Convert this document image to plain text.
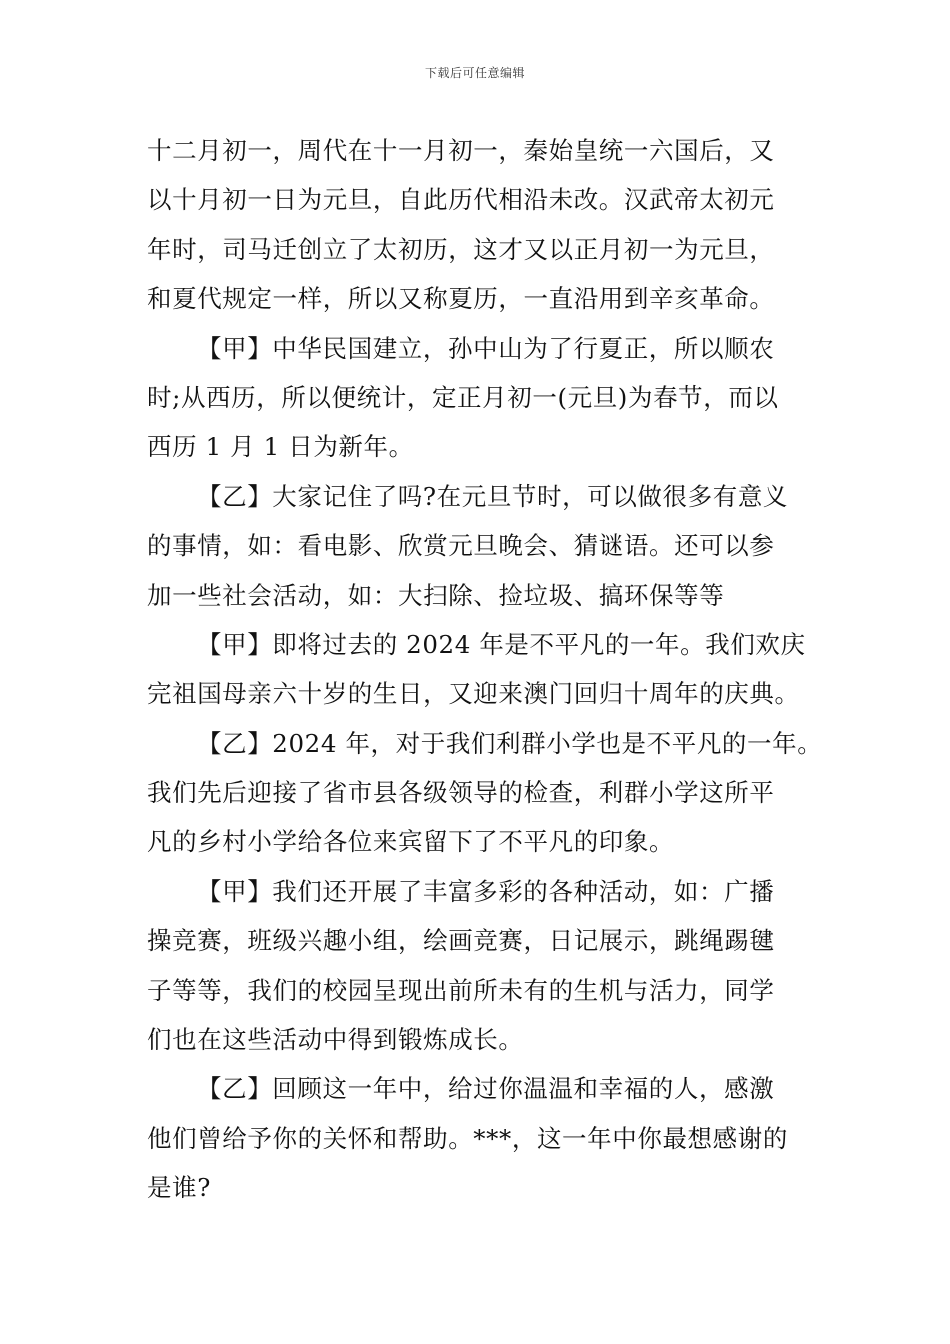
下载后可任意编辑
十二月初一，周代在十一月初一，秦始皇统一六国后，又
以十月初一日为元旦，自此历代相沿未改。汉武帝太初元
年时，司马迁创立了太初历，这才又以正月初一为元旦，
和夏代规定一样，所以又称夏历，一直沿用到辛亥革命。
【甲】中华民国建立，孙中山为了行夏正，所以顺农
时;从西历，所以便统计，定正月初一(元旦)为春节，而以
西历 1 月 1 日为新年。
【乙】大家记住了吗?在元旦节时，可以做很多有意义
的事情，如：看电影、欣赏元旦晚会、猜谜语。还可以参
加一些社会活动，如：大扫除、捡垃圾、搞环保等等
【甲】即将过去的 2024 年是不平凡的一年。我们欢庆
完祖国母亲六十岁的生日，又迎来澳门回归十周年的庆典。
【乙】2024 年，对于我们利群小学也是不平凡的一年。
我们先后迎接了省市县各级领导的检查，利群小学这所平
凡的乡村小学给各位来宾留下了不平凡的印象。
【甲】我们还开展了丰富多彩的各种活动，如：广播
操竞赛，班级兴趣小组，绘画竞赛，日记展示，跳绳踢毽
子等等，我们的校园呈现出前所未有的生机与活力，同学
们也在这些活动中得到锻炼成长。
【乙】回顾这一年中，给过你温温和幸福的人，感激
他们曾给予你的关怀和帮助。***，这一年中你最想感谢的
是谁?
